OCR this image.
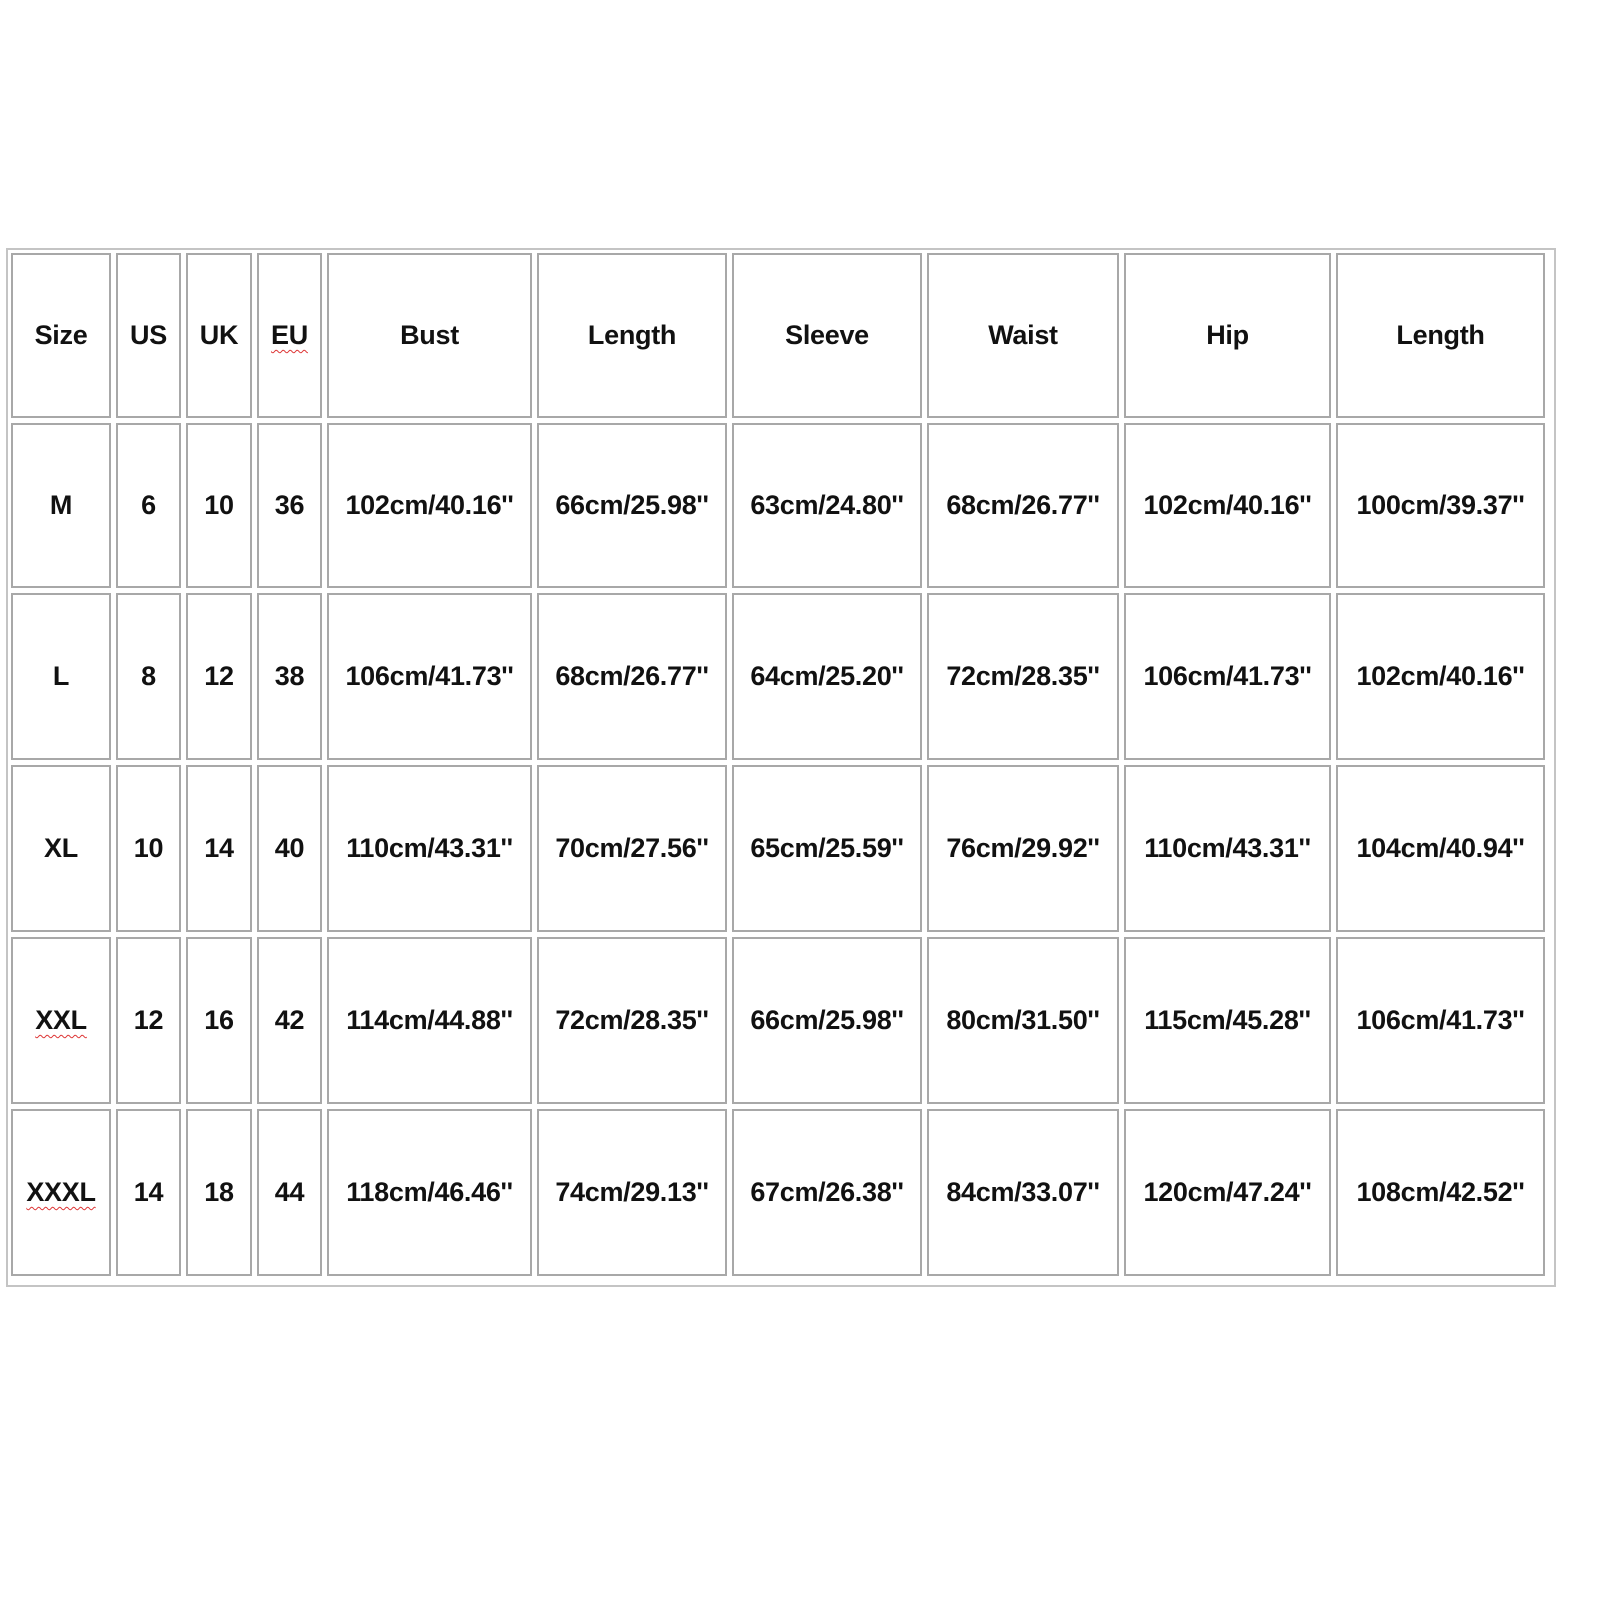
Size US UK EU	Bust	Length	Sleeve	Waist	Hip	Length
M	6 10 36 102cm/40.16'' 66cm/25.98'' 63cm/24.80'' 68cm/26.77'' 102cm/40.16'' 100cm/39.37''
L	8 12 38 106cm/41.73'' 68cm/26.77'' 64cm/25.20'' 72cm/28.35'' 106cm/41.73'' 102cm/40.16''
XL 10 14 40 110cm/43.31'' 70cm/27.56'' 65cm/25.59'' 76cm/29.92'' 110cm/43.31'' 104cm/40.94''
XXL 12 16 42 114cm/44.88'' 72cm/28.35'' 66cm/25.98'' 80cm/31.50'' 115cm/45.28'' 106cm/41.73''
XXXL 14 18 44 118cm/46.46'' 74cm/29.13'' 67cm/26.38'' 84cm/33.07'' 120cm/47.24'' 108cm/42.52''
